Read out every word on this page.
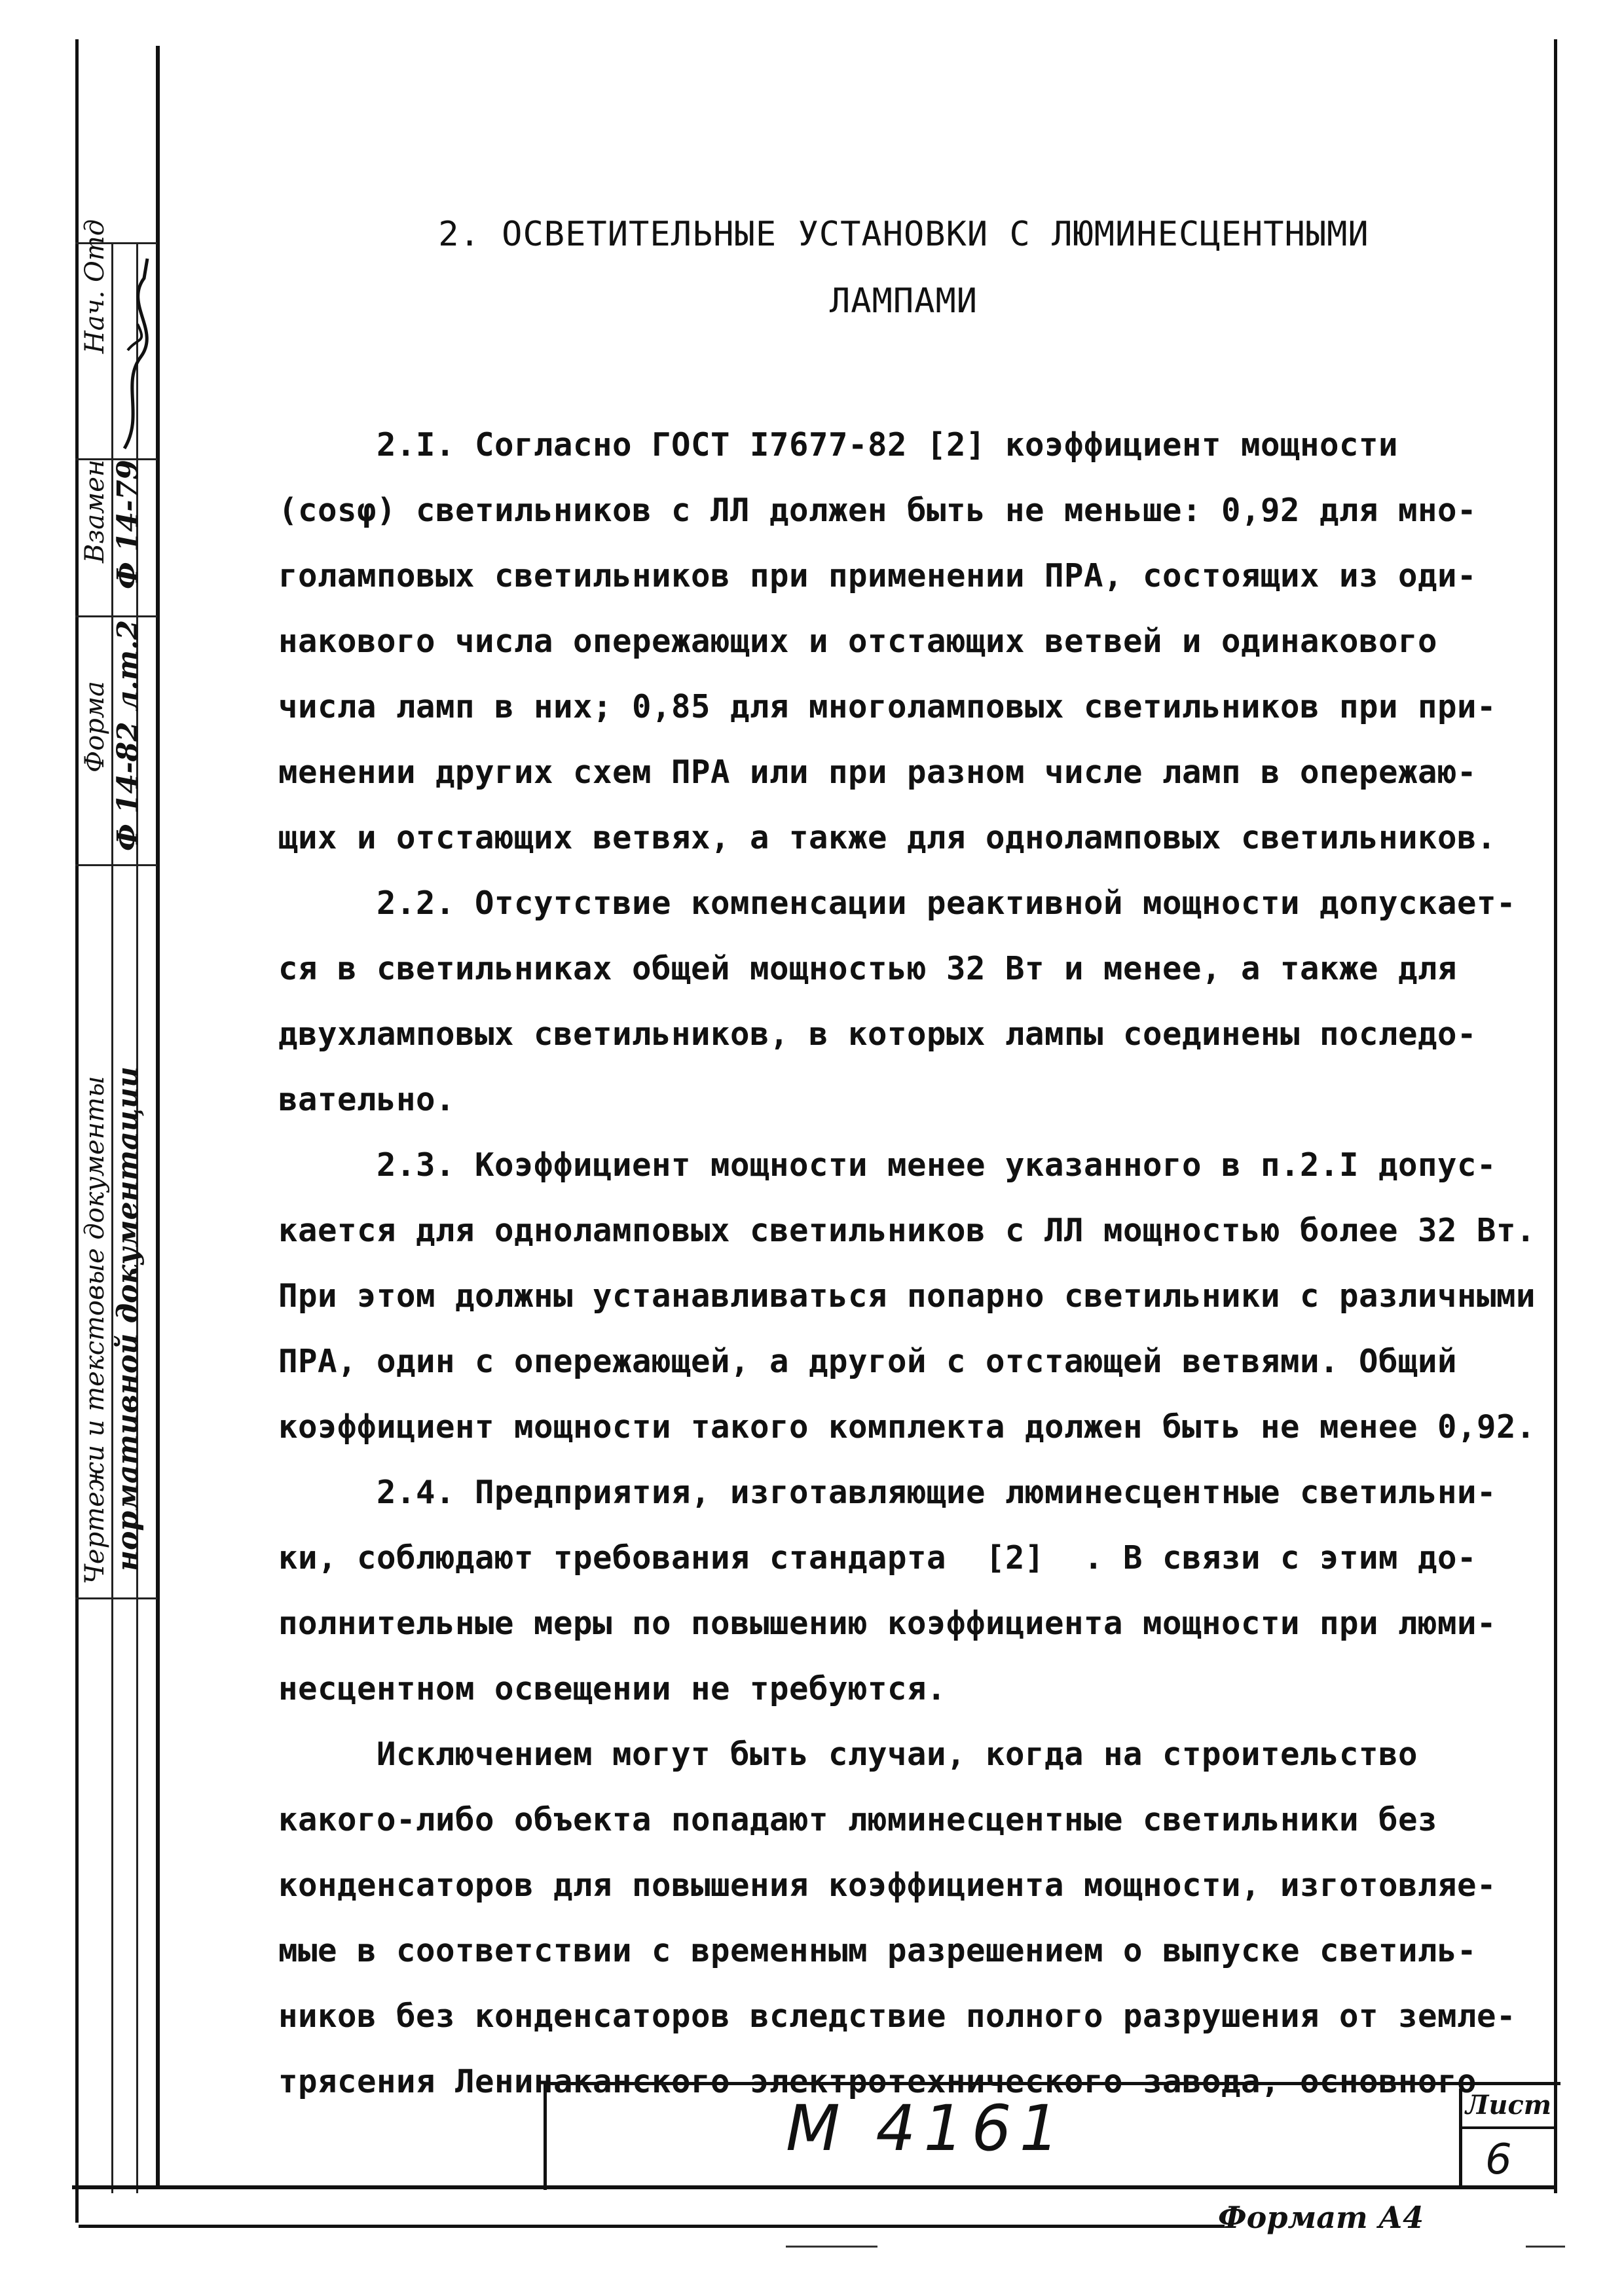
Нач. Отд
Взамен Ф 14-79
Форма Ф 14-82 л.т.2
Чертежи и текстовые документы нормативной документации
2. ОСВЕТИТЕЛЬНЫЕ УСТАНОВКИ С ЛЮМИНЕСЦЕНТНЫМИ
ЛАМПАМИ
2.I. Согласно ГОСТ I7677-82 [2] коэффициент мощности
(cosφ) светильников с ЛЛ должен быть не меньше: 0,92 для мно-
голамповых светильников при применении ПРА, состоящих из оди-
накового числа опережающих и отстающих ветвей и одинакового
числа ламп в них; 0,85 для многоламповых светильников при при-
менении других схем ПРА или при разном числе ламп в опережаю-
щих и отстающих ветвях, а также для одноламповых светильников.
2.2. Отсутствие компенсации реактивной мощности допускает-
ся в светильниках общей мощностью 32 Вт и менее, а также для
двухламповых светильников, в которых лампы соединены последо-
вательно.
2.3. Коэффициент мощности менее указанного в п.2.I допус-
кается для одноламповых светильников с ЛЛ мощностью более 32 Вт.
При этом должны устанавливаться попарно светильники с различными
ПРА, один с опережающей, а другой с отстающей ветвями. Общий
коэффициент мощности такого комплекта должен быть не менее 0,92.
2.4. Предприятия, изготавляющие люминесцентные светильни-
ки, соблюдают требования стандарта  [2]  . В связи с этим до-
полнительные меры по повышению коэффициента мощности при люми-
несцентном освещении не требуются.
Исключением могут быть случаи, когда на строительство
какого-либо объекта попадают люминесцентные светильники без
конденсаторов для повышения коэффициента мощности, изготовляе-
мые в соответствии с временным разрешением о выпуске светиль-
ников без конденсаторов вследствие полного разрушения от земле-
трясения Ленинаканского электротехнического завода, основного
М 4161	Лист
6
Формат А4
